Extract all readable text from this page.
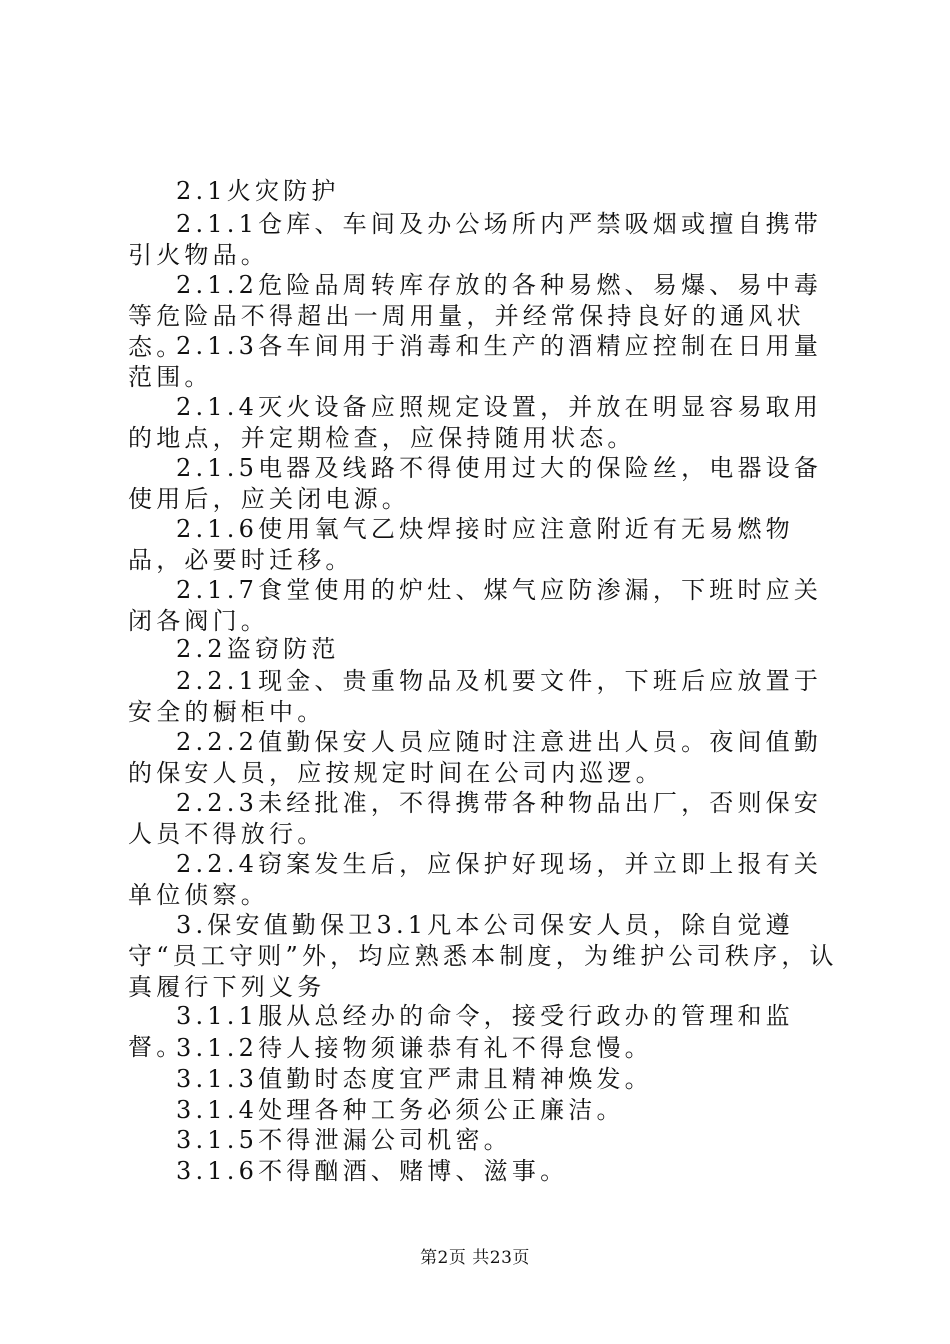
2.1火灾防护

2.1.1仓库、车间及办公场所内严禁吸烟或擅自携带引火物品。

2.1.2危险品周转库存放的各种易燃、易爆、易中毒等危险品不得超出一周用量，并经常保持良好的通风状态。

2.1.3各车间用于消毒和生产的酒精应控制在日用量范围。

2.1.4灭火设备应照规定设置，并放在明显容易取用的地点，并定期检查，应保持随用状态。

2.1.5电器及线路不得使用过大的保险丝，电器设备使用后，应关闭电源。

2.1.6使用氧气乙炔焊接时应注意附近有无易燃物品，必要时迁移。

2.1.7食堂使用的炉灶、煤气应防渗漏，下班时应关闭各阀门。

2.2盗窃防范

2.2.1现金、贵重物品及机要文件，下班后应放置于安全的橱柜中。

2.2.2值勤保安人员应随时注意进出人员。夜间值勤的保安人员，应按规定时间在公司内巡逻。

2.2.3未经批准，不得携带各种物品出厂，否则保安人员不得放行。

2.2.4窃案发生后，应保护好现场，并立即上报有关单位侦察。

3.保安值勤保卫3.1凡本公司保安人员，除自觉遵守“员工守则”外，均应熟悉本制度，为维护公司秩序，认真履行下列义务

3.1.1服从总经办的命令，接受行政办的管理和监督。

3.1.2待人接物须谦恭有礼不得怠慢。

3.1.3值勤时态度宜严肃且精神焕发。

3.1.4处理各种工务必须公正廉洁。

3.1.5不得泄漏公司机密。

3.1.6不得酗酒、赌博、滋事。

第2页 共23页
